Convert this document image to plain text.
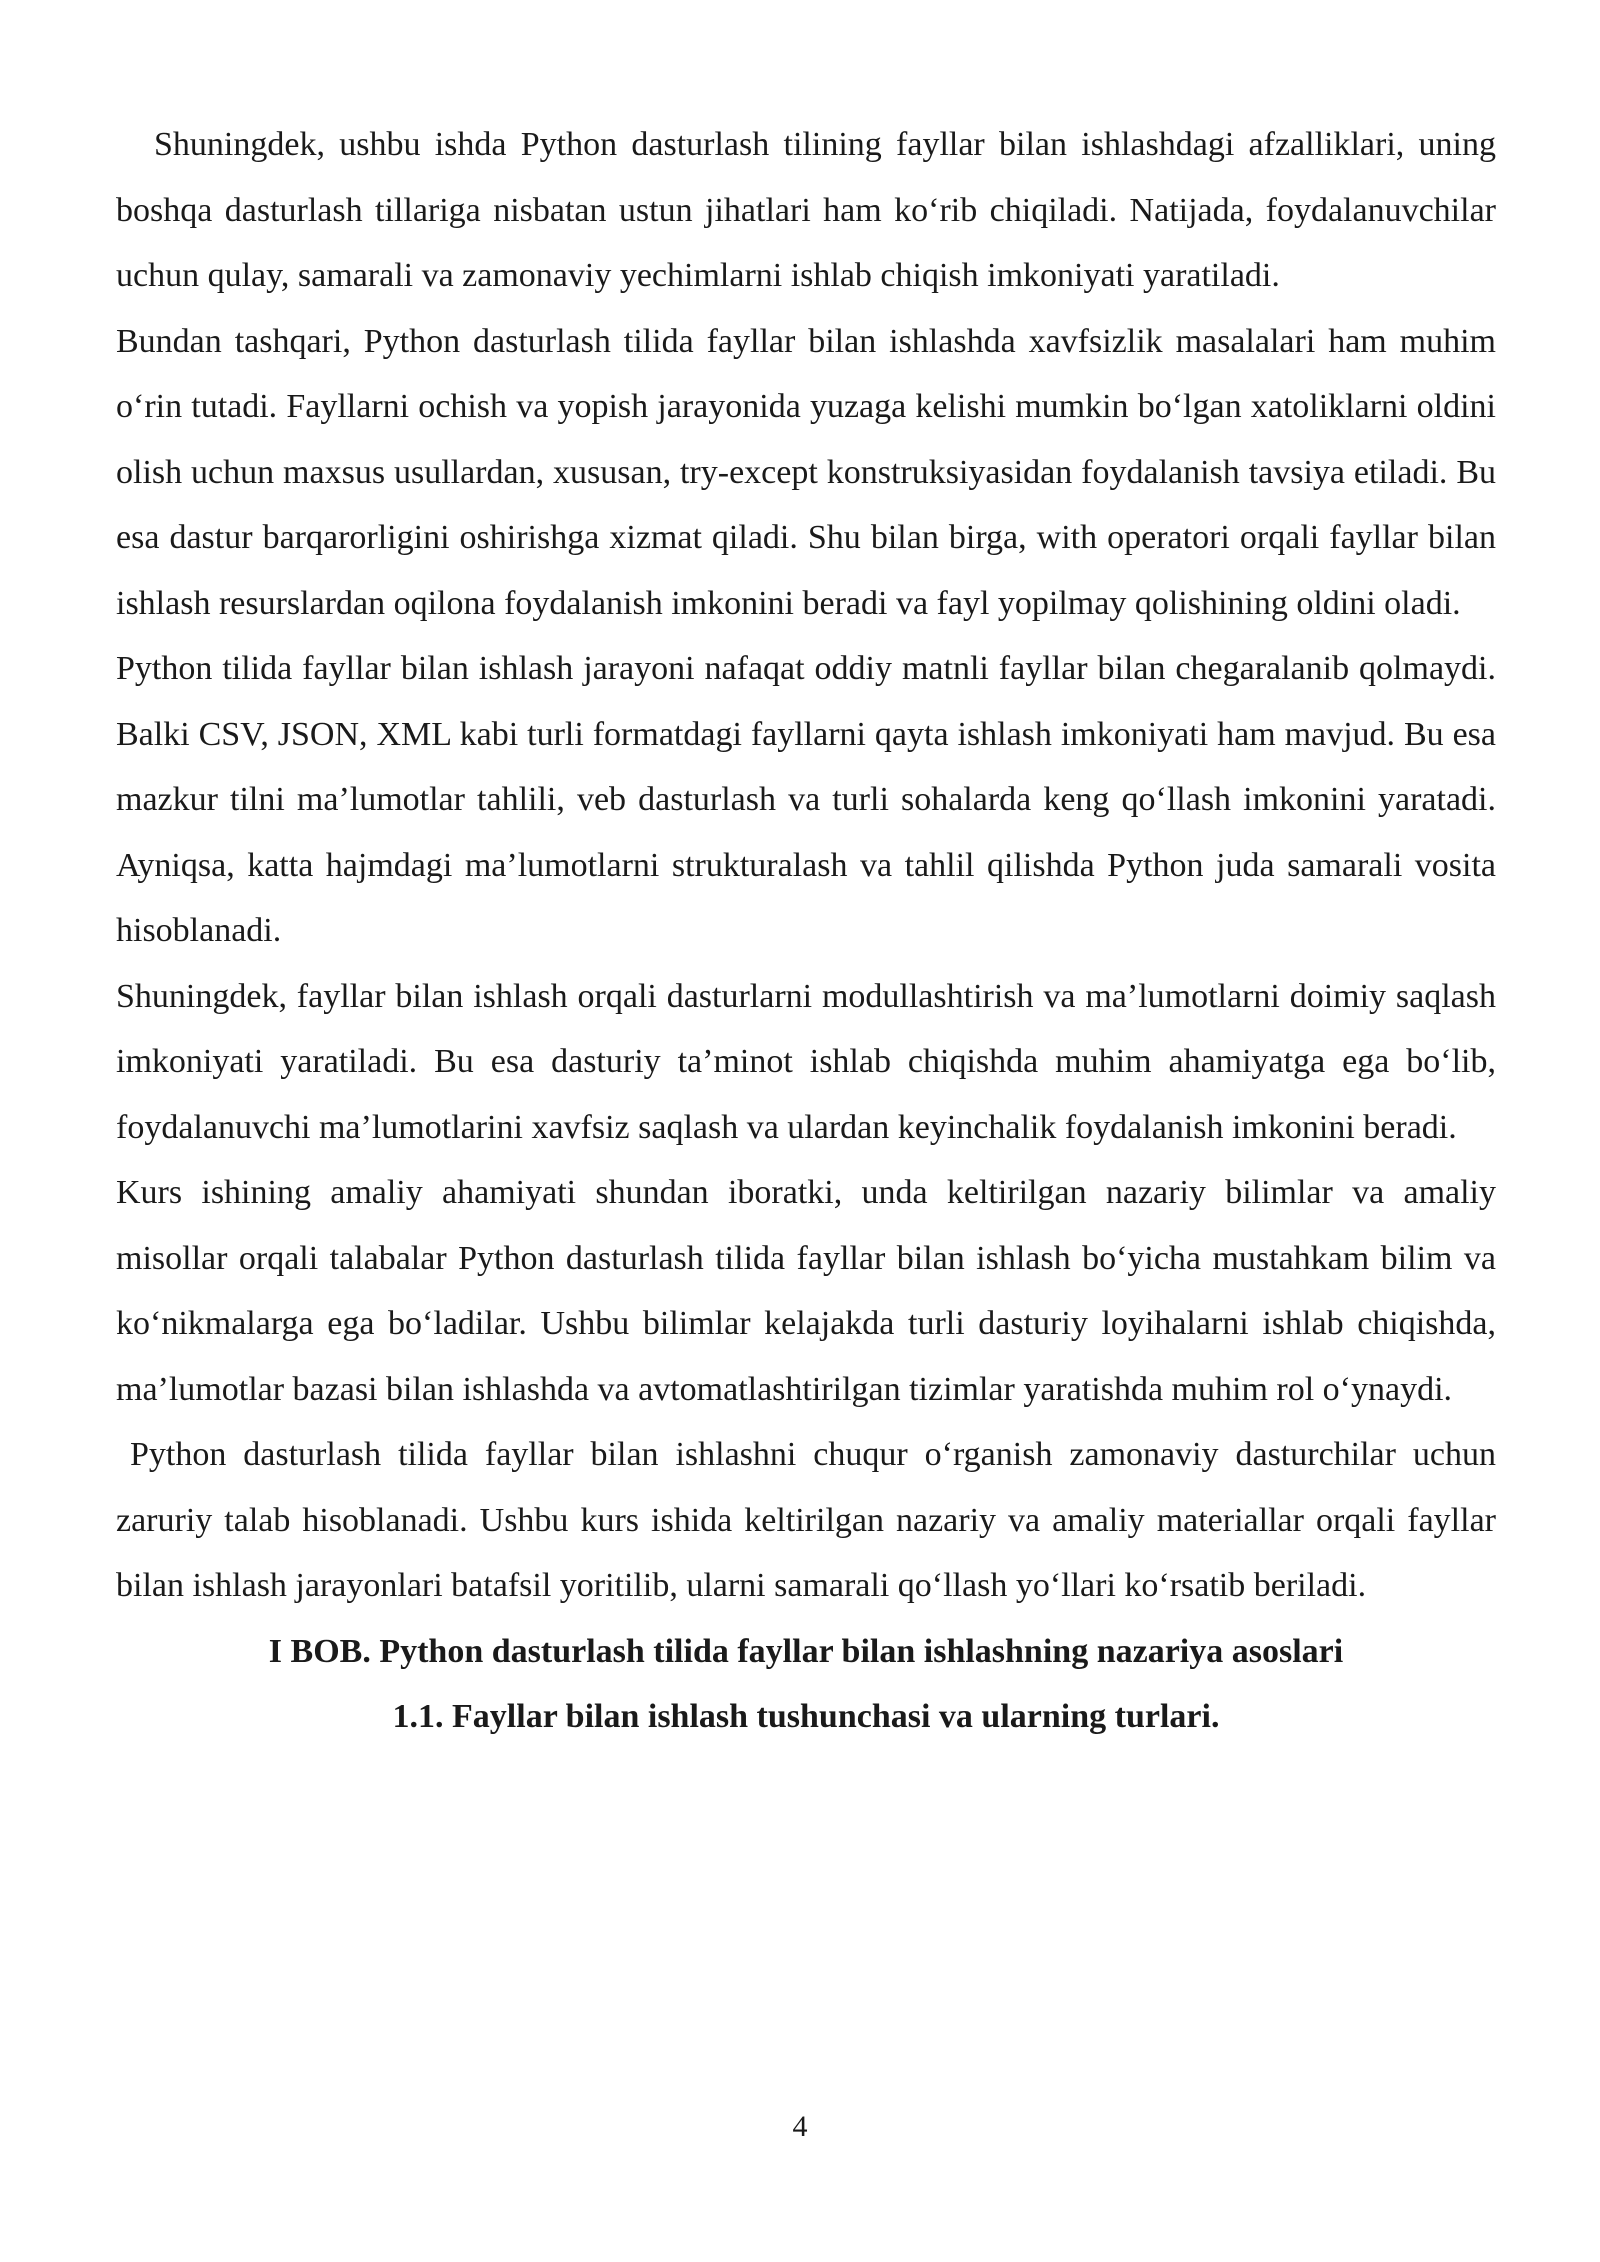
Shuningdek, ushbu ishda Python dasturlash tilining fayllar bilan ishlashdagi afzalliklari, uning boshqa dasturlash tillariga nisbatan ustun jihatlari ham ko‘rib chiqiladi. Natijada, foydalanuvchilar uchun qulay, samarali va zamonaviy yechimlarni ishlab chiqish imkoniyati yaratiladi.

Bundan tashqari, Python dasturlash tilida fayllar bilan ishlashda xavfsizlik masalalari ham muhim o‘rin tutadi. Fayllarni ochish va yopish jarayonida yuzaga kelishi mumkin bo‘lgan xatoliklarni oldini olish uchun maxsus usullardan, xususan, try-except konstruksiyasidan foydalanish tavsiya etiladi. Bu esa dastur barqarorligini oshirishga xizmat qiladi. Shu bilan birga, with operatori orqali fayllar bilan ishlash resurslardan oqilona foydalanish imkonini beradi va fayl yopilmay qolishining oldini oladi.

Python tilida fayllar bilan ishlash jarayoni nafaqat oddiy matnli fayllar bilan chegaralanib qolmaydi. Balki CSV, JSON, XML kabi turli formatdagi fayllarni qayta ishlash imkoniyati ham mavjud. Bu esa mazkur tilni ma’lumotlar tahlili, veb dasturlash va turli sohalarda keng qo‘llash imkonini yaratadi. Ayniqsa, katta hajmdagi ma’lumotlarni strukturalash va tahlil qilishda Python juda samarali vosita hisoblanadi.

Shuningdek, fayllar bilan ishlash orqali dasturlarni modullashtirish va ma’lumotlarni doimiy saqlash imkoniyati yaratiladi. Bu esa dasturiy ta’minot ishlab chiqishda muhim ahamiyatga ega bo‘lib, foydalanuvchi ma’lumotlarini xavfsiz saqlash va ulardan keyinchalik foydalanish imkonini beradi.

Kurs ishining amaliy ahamiyati shundan iboratki, unda keltirilgan nazariy bilimlar va amaliy misollar orqali talabalar Python dasturlash tilida fayllar bilan ishlash bo‘yicha mustahkam bilim va ko‘nikmalarga ega bo‘ladilar. Ushbu bilimlar kelajakda turli dasturiy loyihalarni ishlab chiqishda, ma’lumotlar bazasi bilan ishlashda va avtomatlashtirilgan tizimlar yaratishda muhim rol o‘ynaydi.

Python dasturlash tilida fayllar bilan ishlashni chuqur o‘rganish zamonaviy dasturchilar uchun zaruriy talab hisoblanadi. Ushbu kurs ishida keltirilgan nazariy va amaliy materiallar orqali fayllar bilan ishlash jarayonlari batafsil yoritilib, ularni samarali qo‘llash yo‘llari ko‘rsatib beriladi.

I BOB. Python dasturlash tilida fayllar bilan ishlashning nazariya asoslari

1.1. Fayllar bilan ishlash tushunchasi va ularning turlari.

4
